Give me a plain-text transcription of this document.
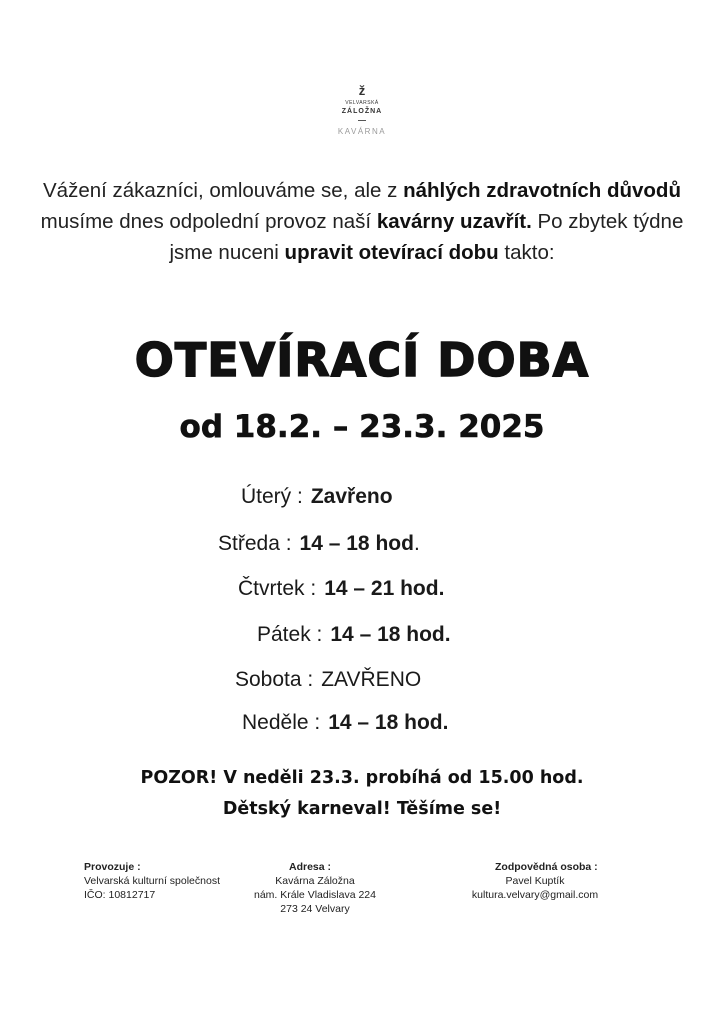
ž
VELVARSKÁ
ZÁLOŽNA
KAVÁRNA
Vážení zákazníci, omlouváme se, ale z náhlých zdravotních důvodů musíme dnes odpolední provoz naší kavárny uzavřít. Po zbytek týdne jsme nuceni upravit otevírací dobu takto:
OTEVÍRACÍ DOBA
od 18.2. – 23.3. 2025
Úterý : Zavřeno
Středa : 14 – 18 hod.
Čtvrtek : 14 – 21 hod.
Pátek : 14 – 18 hod.
Sobota : ZAVŘENO
Neděle : 14 – 18 hod.
POZOR! V neděli 23.3. probíhá od 15.00 hod.
Dětský karneval! Těšíme se!
Provozuje :
Velvarská kulturní společnost
IČO: 10812717
Adresa :
Kavárna Záložna
nám. Krále Vladislava 224
273 24 Velvary
Zodpovědná osoba :
Pavel Kuptík
kultura.velvary@gmail.com
